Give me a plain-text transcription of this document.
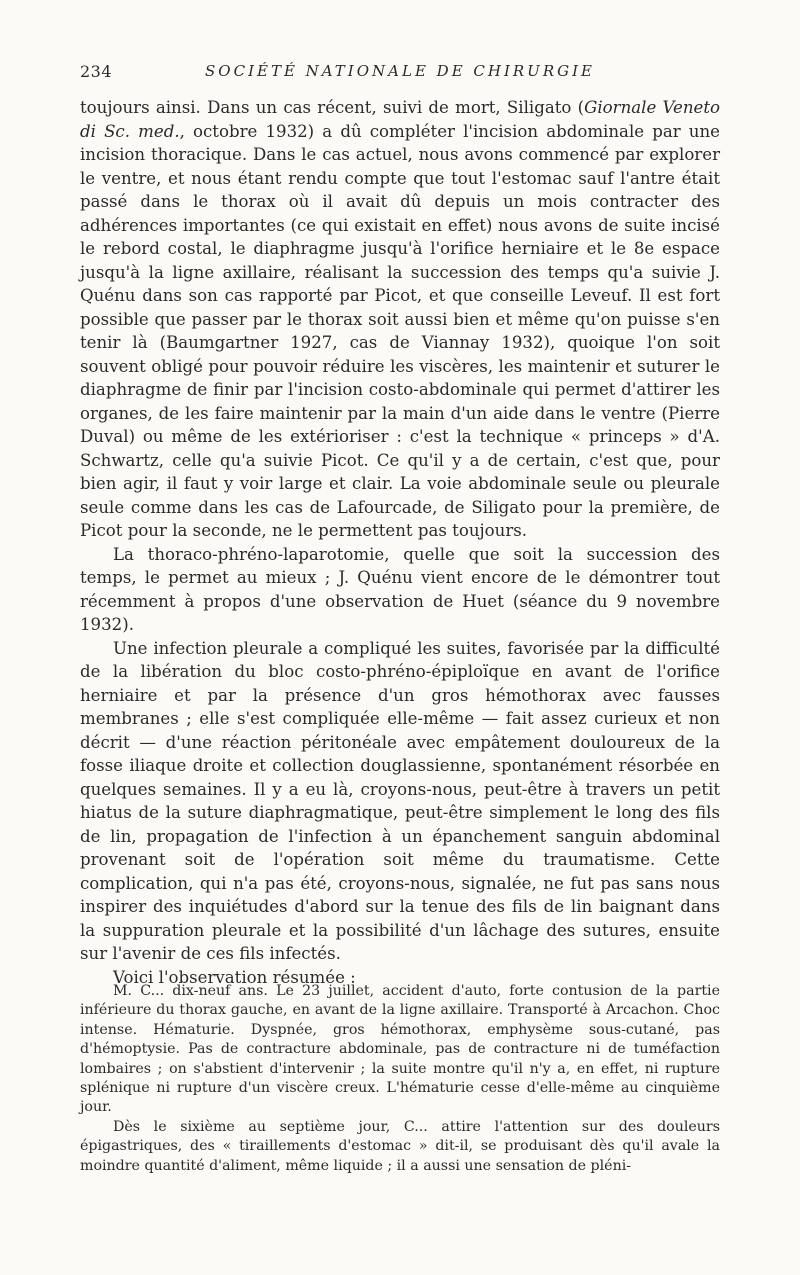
234	SOCIÉTÉ NATIONALE DE CHIRURGIE

toujours ainsi. Dans un cas récent, suivi de mort, Siligato (Giornale Veneto di Sc. med., octobre 1932) a dû compléter l'incision abdominale par une incision thoracique. Dans le cas actuel, nous avons commencé par explorer le ventre, et nous étant rendu compte que tout l'estomac sauf l'antre était passé dans le thorax où il avait dû depuis un mois contracter des adhérences importantes (ce qui existait en effet) nous avons de suite incisé le rebord costal, le diaphragme jusqu'à l'orifice herniaire et le 8e espace jusqu'à la ligne axillaire, réalisant la succession des temps qu'a suivie J. Quénu dans son cas rapporté par Picot, et que conseille Leveuf. Il est fort possible que passer par le thorax soit aussi bien et même qu'on puisse s'en tenir là (Baumgartner 1927, cas de Viannay 1932), quoique l'on soit souvent obligé pour pouvoir réduire les viscères, les maintenir et suturer le diaphragme de finir par l'incision costo-abdominale qui permet d'attirer les organes, de les faire maintenir par la main d'un aide dans le ventre (Pierre Duval) ou même de les extérioriser : c'est la technique « princeps » d'A. Schwartz, celle qu'a suivie Picot. Ce qu'il y a de certain, c'est que, pour bien agir, il faut y voir large et clair. La voie abdominale seule ou pleurale seule comme dans les cas de Lafourcade, de Siligato pour la première, de Picot pour la seconde, ne le permettent pas toujours.

La thoraco-phréno-laparotomie, quelle que soit la succession des temps, le permet au mieux ; J. Quénu vient encore de le démontrer tout récemment à propos d'une observation de Huet (séance du 9 novembre 1932).

Une infection pleurale a compliqué les suites, favorisée par la difficulté de la libération du bloc costo-phréno-épiploïque en avant de l'orifice herniaire et par la présence d'un gros hémothorax avec fausses membranes ; elle s'est compliquée elle-même — fait assez curieux et non décrit — d'une réaction péritonéale avec empâtement douloureux de la fosse iliaque droite et collection douglassienne, spontanément résorbée en quelques semaines. Il y a eu là, croyons-nous, peut-être à travers un petit hiatus de la suture diaphragmatique, peut-être simplement le long des fils de lin, propagation de l'infection à un épanchement sanguin abdominal provenant soit de l'opération soit même du traumatisme. Cette complication, qui n'a pas été, croyons-nous, signalée, ne fut pas sans nous inspirer des inquiétudes d'abord sur la tenue des fils de lin baignant dans la suppuration pleurale et la possibilité d'un lâchage des sutures, ensuite sur l'avenir de ces fils infectés.

Voici l'observation résumée :

M. C... dix-neuf ans. Le 23 juillet, accident d'auto, forte contusion de la partie inférieure du thorax gauche, en avant de la ligne axillaire. Transporté à Arcachon. Choc intense. Hématurie. Dyspnée, gros hémothorax, emphysème sous-cutané, pas d'hémoptysie. Pas de contracture abdominale, pas de contracture ni de tuméfaction lombaires ; on s'abstient d'intervenir ; la suite montre qu'il n'y a, en effet, ni rupture splénique ni rupture d'un viscère creux. L'hématurie cesse d'elle-même au cinquième jour.

Dès le sixième au septième jour, C... attire l'attention sur des douleurs épigastriques, des « tiraillements d'estomac » dit-il, se produisant dès qu'il avale la moindre quantité d'aliment, même liquide ; il a aussi une sensation de pléni-
